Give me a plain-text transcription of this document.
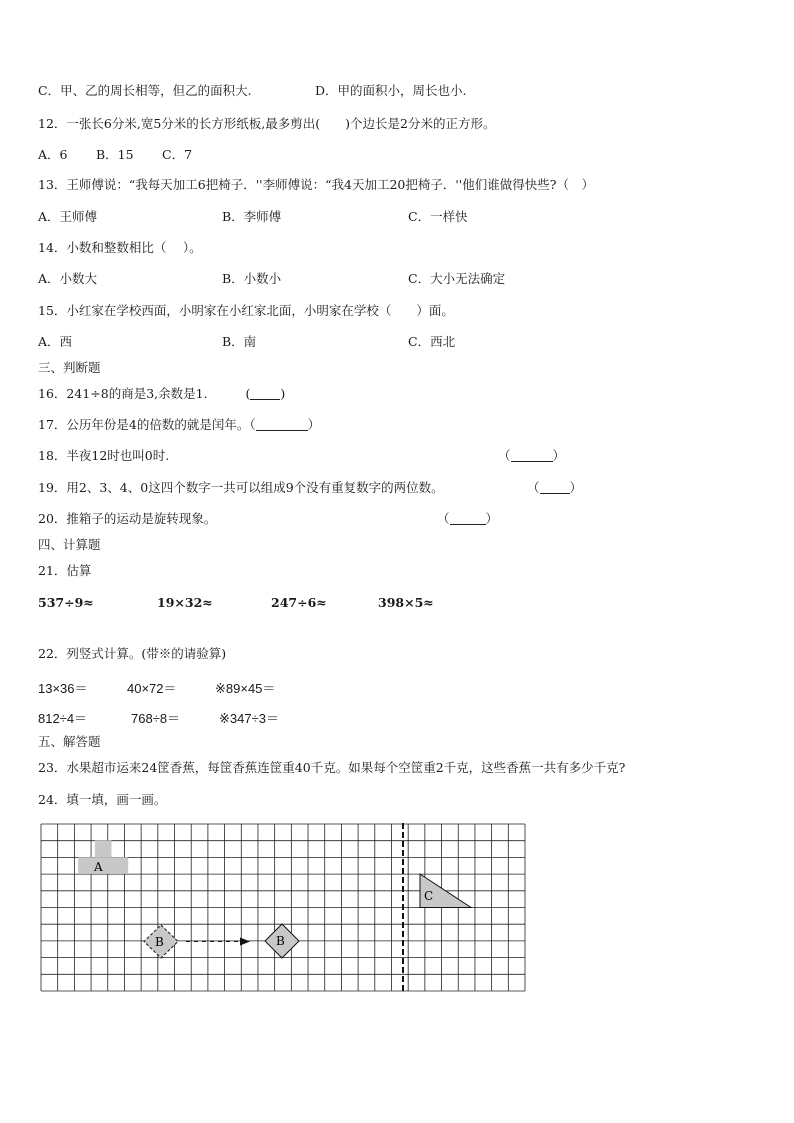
C．甲、乙的周长相等，但乙的面积大.	D．甲的面积小，周长也小.
12．一张长6分米,宽5分米的长方形纸板,最多剪出(　　)个边长是2分米的正方形。
A．6 B．15 C．7
13．王师傅说：“我每天加工6把椅子．''李师傅说：“我4天加工20把椅子．''他们谁做得快些?（　）
A．王师傅	B．李师傅	C．一样快
14．小数和整数相比（　 ）。
A．小数大	B．小数小	C．大小无法确定
15．小红家在学校西面，小明家在小红家北面，小明家在学校（　　）面。
A．西	B．南	C．西北
三、判断题
16．241÷8的商是3,余数是1.	( )
17．公历年份是4的倍数的就是闰年。（	）
18．半夜12时也叫0时.	（	）
19．用2、3、4、0这四个数字一共可以组成9个没有重复数字的两位数。	（ ）
20．推箱子的运动是旋转现象。	（	）
四、计算题
21．估算
537÷9≈	19×32≈	247÷6≈	398×5≈
22．列竖式计算。(带※的请验算)
13×36＝	40×72＝	※89×45＝
812÷4＝	768÷8＝	※347÷3＝
五、解答题
23．水果超市运来24筐香蕉，每筐香蕉连筐重40千克。如果每个空筐重2千克，这些香蕉一共有多少千克?
24．填一填，画一画。
A
C
B	B
